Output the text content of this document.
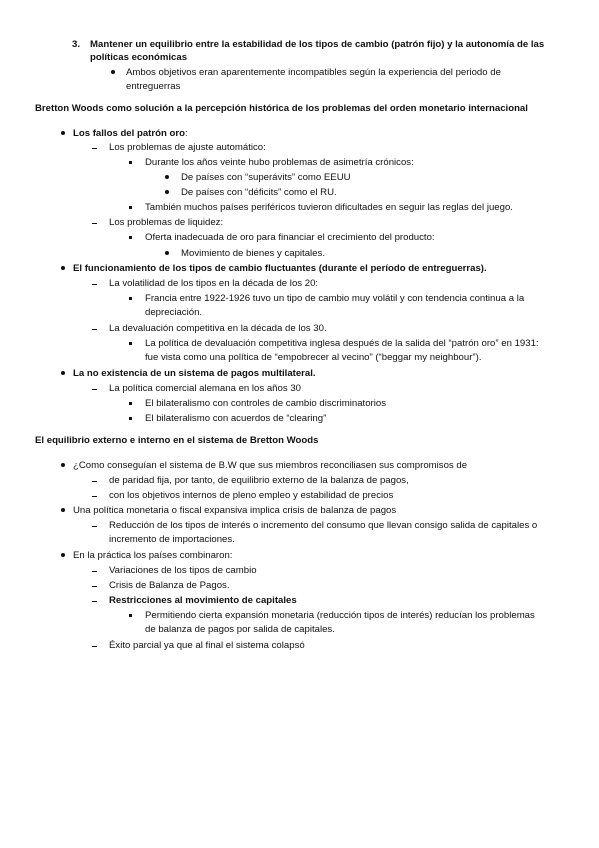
3. Mantener un equilibrio entre la estabilidad de los tipos de cambio (patrón fijo) y la autonomía de las
políticas económicas
Ambos objetivos eran aparentemente incompatibles según la experiencia del periodo de
entreguerras
Bretton Woods como solución a la percepción histórica de los problemas del orden monetario internacional
Los fallos del patrón oro:
Los problemas de ajuste automático:
Durante los años veinte hubo problemas de asimetría crónicos:
De países con “superávits” como EEUU
De países con “déficits” como el RU.
También muchos países periféricos tuvieron dificultades en seguir las reglas del juego.
Los problemas de liquidez:
Oferta inadecuada de oro para financiar el crecimiento del producto:
Movimiento de bienes y capitales.
El funcionamiento de los tipos de cambio fluctuantes (durante el período de entreguerras).
La volatilidad de los tipos en la década de los 20:
Francia entre 1922-1926 tuvo un tipo de cambio muy volátil y con tendencia continua a la
depreciación.
La devaluación competitiva en la década de los 30.
La política de devaluación competitiva inglesa después de la salida del “patrón oro” en 1931:
fue vista como una política de “empobrecer al vecino” (“beggar my neighbour”).
La no existencia de un sistema de pagos multilateral.
La política comercial alemana en los años 30
El bilateralismo con controles de cambio discriminatorios
El bilateralismo con acuerdos de “clearing”
El equilibrio externo e interno en el sistema de Bretton Woods
¿Como conseguían el sistema de B.W que sus miembros reconciliasen sus compromisos de
de paridad fija, por tanto, de equilibrio externo de la balanza de pagos,
con los objetivos internos de pleno empleo y estabilidad de precios
Una política monetaria o fiscal expansiva implica crisis de balanza de pagos
Reducción de los tipos de interés o incremento del consumo que llevan consigo salida de capitales o
incremento de importaciones.
En la práctica los países combinaron:
Variaciones de los tipos de cambio
Crisis de Balanza de Pagos.
Restricciones al movimiento de capitales
Permitiendo cierta expansión monetaria (reducción tipos de interés) reducían los problemas
de balanza de pagos por salida de capitales.
Éxito parcial ya que al final el sistema colapsó
